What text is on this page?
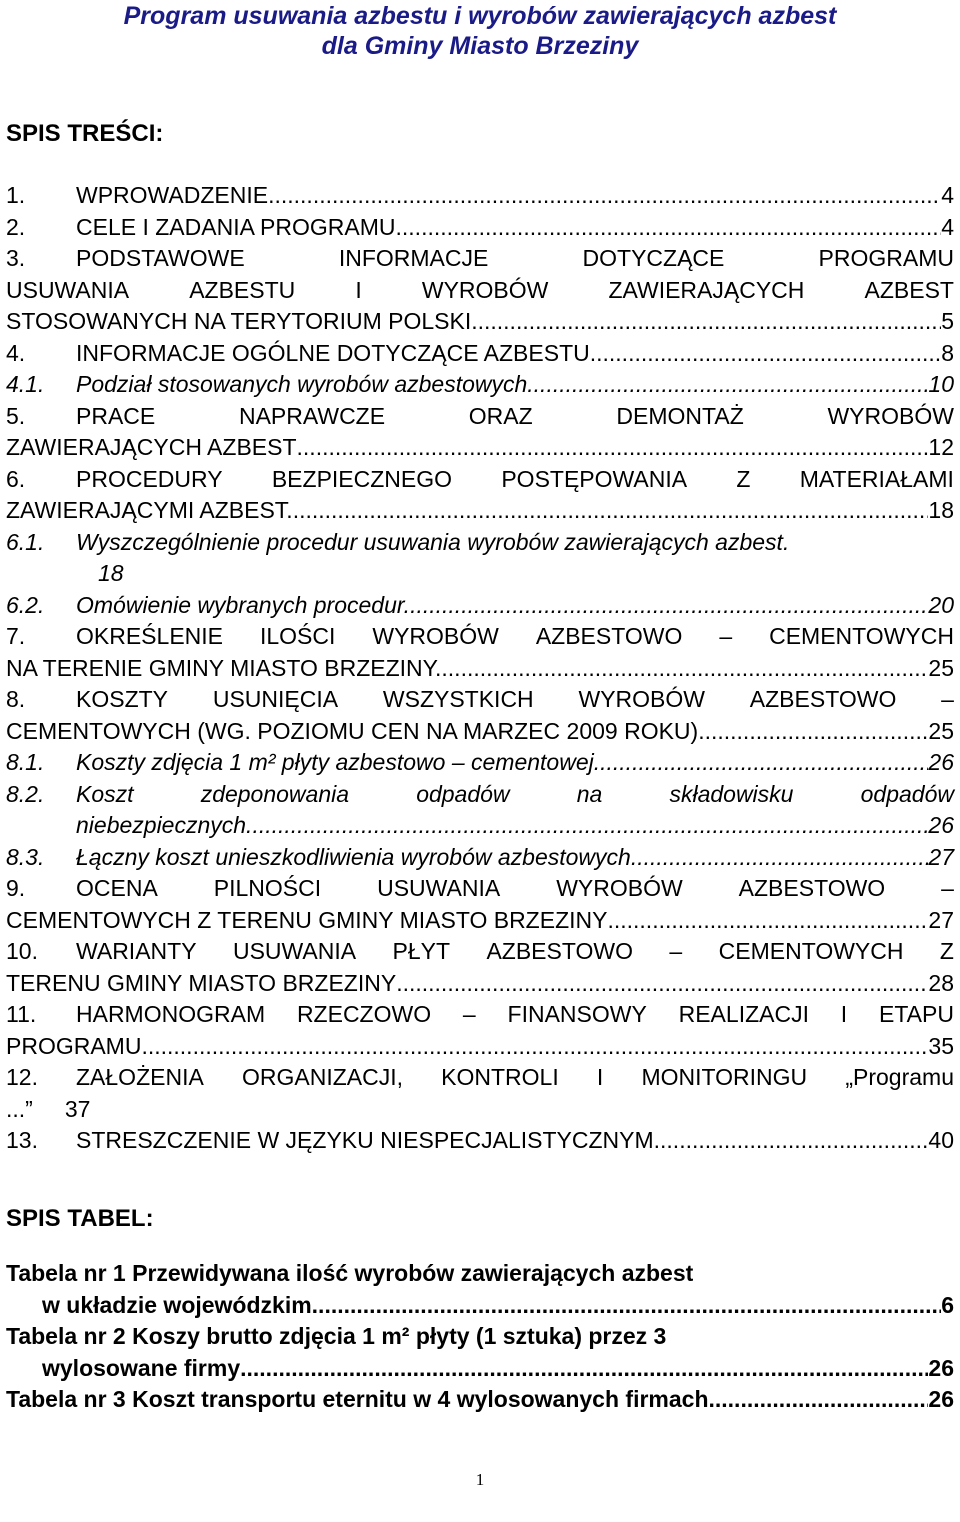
Program usuwania azbestu i wyrobów zawierających azbest
dla Gminy Miasto Brzeziny
SPIS TREŚCI:
1.	WPROWADZENIE .....	4
2.	CELE I ZADANIA PROGRAMU .....	4
3.	PODSTAWOWE	INFORMACJE	DOTYCZĄCE	PROGRAMU
USUWANIA	AZBESTU	I	WYROBÓW	ZAWIERAJĄCYCH	AZBEST
STOSOWANYCH NA TERYTORIUM POLSKI .....	5
4.	INFORMACJE OGÓLNE DOTYCZĄCE AZBESTU .....	8
4.1.	Podział stosowanych wyrobów azbestowych .....	10
5.	PRACE	NAPRAWCZE	ORAZ	DEMONTAŻ	WYROBÓW
ZAWIERAJĄCYCH AZBEST .....	12
6.	PROCEDURY BEZPIECZNEGO POSTĘPOWANIA Z MATERIAŁAMI
ZAWIERAJĄCYMI AZBEST. .....	18
6.1.	Wyszczególnienie procedur usuwania wyrobów zawierających azbest.
18
6.2.	Omówienie wybranych procedur. .....	20
7.	OKREŚLENIE ILOŚCI WYROBÓW AZBESTOWO – CEMENTOWYCH
NA TERENIE GMINY MIASTO BRZEZINY. .....	25
8.	KOSZTY USUNIĘCIA WSZYSTKICH WYROBÓW AZBESTOWO –
CEMENTOWYCH (WG. POZIOMU CEN NA MARZEC 2009 ROKU). .....	25
8.1.	Koszty zdjęcia 1 m² płyty azbestowo – cementowej. .....	26
8.2.	Koszt	zdeponowania	odpadów	na	składowisku	odpadów
niebezpiecznych. .....	26
8.3.	Łączny koszt unieszkodliwienia wyrobów azbestowych .....	27
9.	OCENA PILNOŚCI USUWANIA WYROBÓW AZBESTOWO –
CEMENTOWYCH Z TERENU GMINY MIASTO BRZEZINY .....	27
10.	WARIANTY USUWANIA PŁYT AZBESTOWO – CEMENTOWYCH Z
TERENU GMINY MIASTO BRZEZINY .....	28
11.	HARMONOGRAM RZECZOWO – FINANSOWY REALIZACJI I ETAPU
PROGRAMU .....	35
12.	ZAŁOŻENIA ORGANIZACJI, KONTROLI I MONITORINGU „Programu
...” 37
13.	STRESZCZENIE W JĘZYKU NIESPECJALISTYCZNYM .....	40
SPIS TABEL:
Tabela nr 1 Przewidywana ilość wyrobów zawierających azbest
w układzie wojewódzkim .....	6
Tabela nr 2 Koszy brutto zdjęcia 1 m² płyty (1 sztuka) przez 3
wylosowane firmy .....	26
Tabela nr 3 Koszt transportu eternitu w 4 wylosowanych firmach .....	26
1
